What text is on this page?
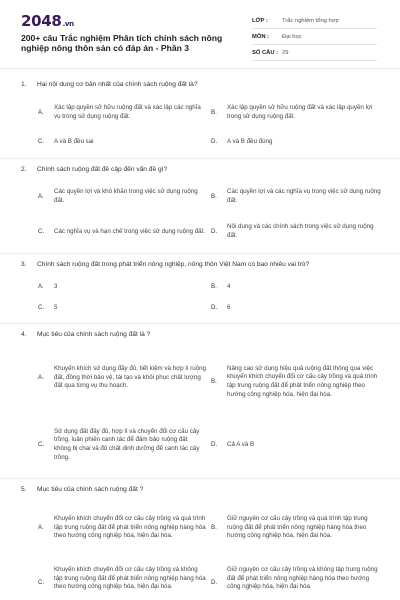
2048.vn
200+ câu Trắc nghiệm Phân tích chính sách nông nghiệp nông thôn sản có đáp án - Phần 3
LỚP :	Trắc nghiệm tổng hợp
MÔN :	Đại học
SỐ CÂU : 29
1.	Hai nội dung cơ bản nhất của chính sách ruộng đất là?
A.
Xác lập quyền sở hữu ruộng đất và xác lập các nghĩa vụ trong sử dụng ruộng đất.
B.
Xác lập quyền sở hữu ruộng đất và xác lập quyền lợi trong sử dụng ruộng đất.
C.	A và B đều sai	D.	A và B đều đúng
2.	Chính sách ruộng đất đề cập đến vấn đề gì?
A.
Các quyền lợi và khó khăn trong việc sử dụng ruộng đất.
B.
Các quyền lợi và các nghĩa vụ trong việc sử dụng ruộng đất.
C.	Các nghĩa vụ và hạn chế trong việc sử dụng ruộng đất. D.
Nội dung và các chính sách trong việc sử dụng ruộng đất.
3.	Chính sách ruộng đất trong phát triển nông nghiệp, nông thôn Việt Nam có bao nhiêu vai trò?
A.	3	B.	4
C.	5	D.	6
4.	Mục tiêu của chính sách ruộng đất là ?
A.
Khuyến khích sử dụng đầy đủ, tiết kiệm và hợp lí ruộng đất, đồng thời bảo vệ, tái tạo và khôi phục chất lượng đất qua từng vụ thu hoạch.
B.
Nâng cao sử dụng hiệu quả ruộng đất thông qua việc khuyến khích chuyển đổi cơ cấu cây trồng và quá trình tập trung ruộng đất để phát triển nông nghiệp theo hướng công nghiệp hóa, hiện đại hóa.
C.
Sử dụng đất đầy đủ, hợp lí và chuyển đổi cơ cấu cây trồng, luân phiên canh tác để đảm bảo ruộng đất không bị chai và đủ chất dinh dưỡng để canh tác cây trồng.
D.	Cả A và B
5.	Mục tiêu của chính sách ruộng đất ?
A.
Khuyến khích chuyển đổi cơ cấu cây trồng và quá trình tập trung ruộng đất để phát triển nông nghiệp hàng hóa theo hướng công nghiệp hóa, hiện đại hóa.
B.
Giữ nguyên cơ cấu cây trồng và quá trình tập trung ruộng đất để phát triển nông nghiệp hàng hóa theo hướng công nghiệp hóa, hiện đại hóa.
C.
Khuyến khích chuyển đổi cơ cấu cây trồng và không tập trung ruộng đất để phát triển nông nghiệp hàng hóa theo hướng công nghiệp hóa, hiện đại hóa.
D.
Giữ nguyên cơ cấu cây trồng và không tập trung ruộng đất để phát triển nông nghiệp hàng hóa theo hướng công nghiệp hóa, hiện đại hóa.
